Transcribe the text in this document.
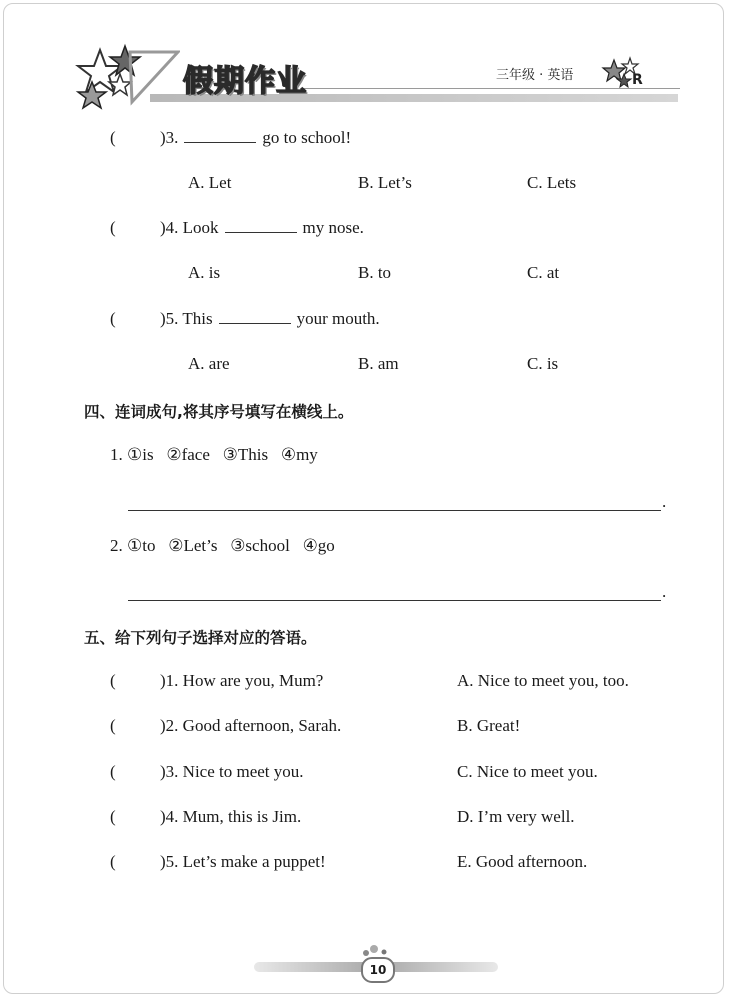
假期作业	三年级 · 英语	R
(	)3.	go to school!
A. Let	B. Let’s	C. Lets
(	)4. Look	my nose.
A. is	B. to	C. at
(	)5. This	your mouth.
A. are	B. am	C. is
四、连词成句,将其序号填写在横线上。
1. ①is   ②face   ③This   ④my
.
2. ①to   ②Let’s   ③school   ④go
.
五、给下列句子选择对应的答语。
(	)1. How are you, Mum?	A. Nice to meet you, too.
(	)2. Good afternoon, Sarah.	B. Great!
(	)3. Nice to meet you.	C. Nice to meet you.
(	)4. Mum, this is Jim.	D. I’m very well.
(	)5. Let’s make a puppet!	E. Good afternoon.
10
